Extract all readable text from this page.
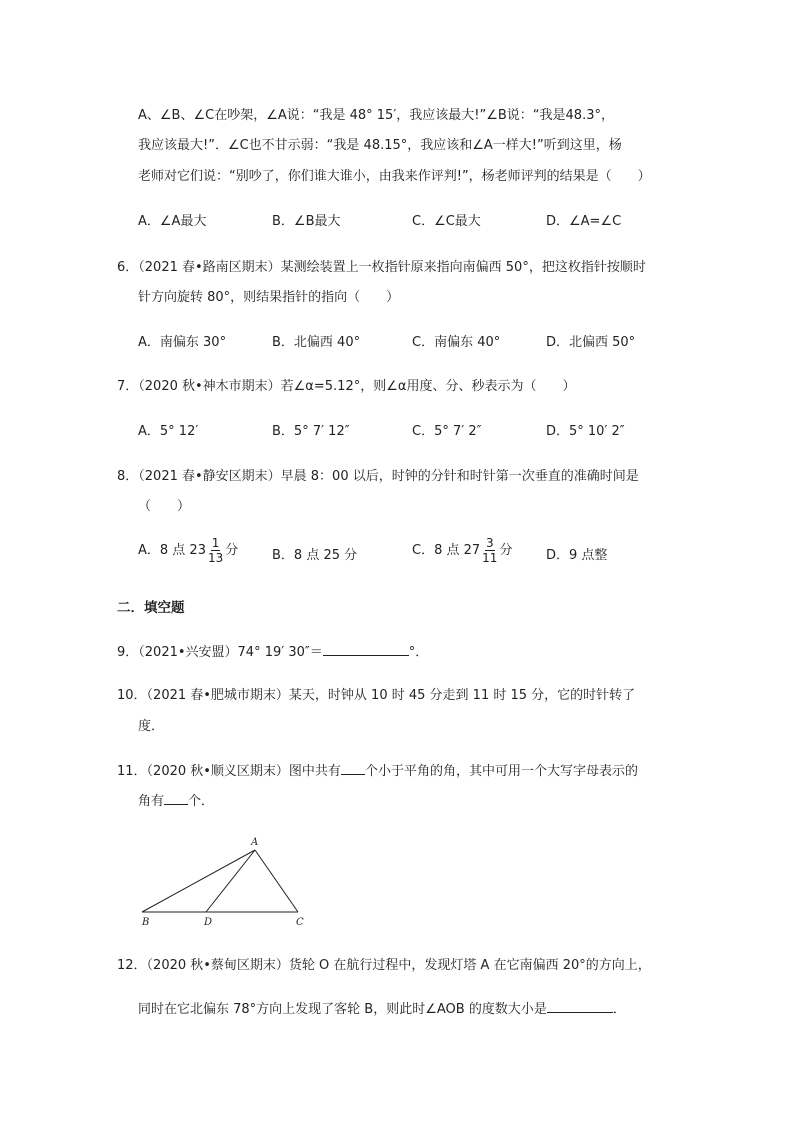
A、∠B、∠C在吵架，∠A说：“我是 48° 15′，我应该最大!”∠B说：“我是48.3°，
我应该最大!”．∠C也不甘示弱：“我是 48.15°，我应该和∠A一样大!”听到这里，杨
老师对它们说：“别吵了，你们谁大谁小，由我来作评判!”，杨老师评判的结果是（　　）
A．∠A最大	B．∠B最大	C．∠C最大	D．∠A=∠C
6．（2021 春•路南区期末）某测绘装置上一枚指针原来指向南偏西 50°，把这枚指针按顺时
针方向旋转 80°，则结果指针的指向（　　）
A．南偏东 30°	B．北偏西 40°	C．南偏东 40°	D．北偏西 50°
7．（2020 秋•神木市期末）若∠α=5.12°，则∠α用度、分、秒表示为（　　）
A．5° 12′	B．5° 7′ 12″	C．5° 7′ 2″	D．5° 10′ 2″
8．（2021 春•静安区期末）早晨 8：00 以后，时钟的分针和时针第一次垂直的准确时间是
（　　）
A．8 点 $23 \frac{1}{13}$ 分	B．8 点 25 分	C．8 点 $27 \frac{3}{11}$ 分	D．9 点整
二．填空题
9．（2021•兴安盟）74° 19′ 30″＝	°．
10．（2021 春•肥城市期末）某天，时钟从 10 时 45 分走到 11 时 15 分，它的时针转了
度．
11．（2020 秋•顺义区期末）图中共有 个小于平角的角，其中可用一个大写字母表示的
角有 个．
A
B	D	C
12．（2020 秋•蔡甸区期末）货轮 O 在航行过程中，发现灯塔 A 在它南偏西 20°的方向上，
同时在它北偏东 78°方向上发现了客轮 B，则此时∠AOB 的度数大小是	．
